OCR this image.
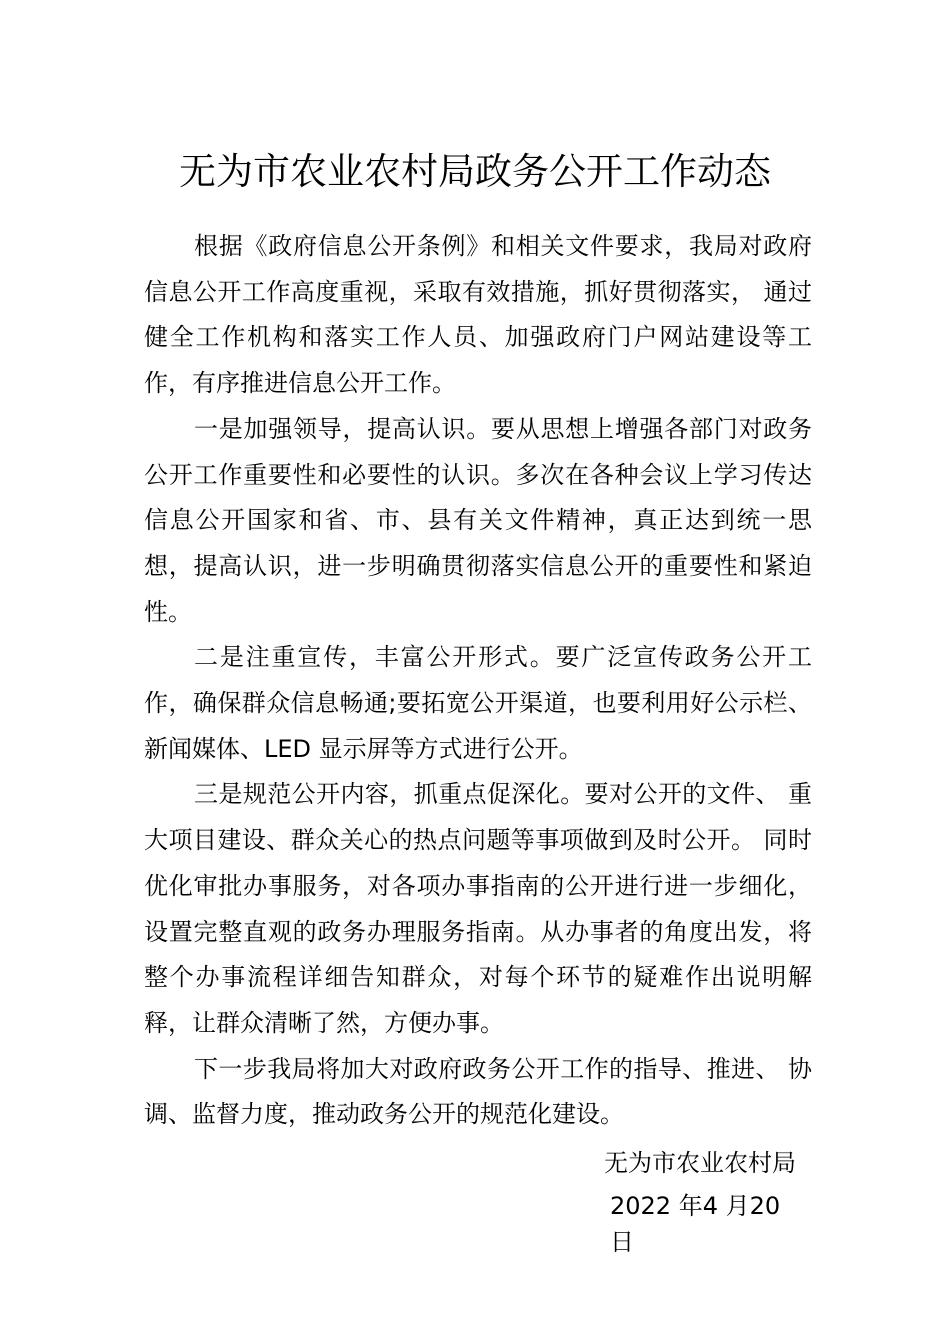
无为市农业农村局政务公开工作动态

根据《政府信息公开条例》和相关文件要求，我局对政府信息公开工作高度重视，采取有效措施，抓好贯彻落实， 通过健全工作机构和落实工作人员、加强政府门户网站建设等工作，有序推进信息公开工作。

一是加强领导，提高认识。要从思想上增强各部门对政务公开工作重要性和必要性的认识。多次在各种会议上学习传达信息公开国家和省、市、县有关文件精神，真正达到统一思想，提高认识，进一步明确贯彻落实信息公开的重要性和紧迫性。

二是注重宣传，丰富公开形式。要广泛宣传政务公开工作，确保群众信息畅通;要拓宽公开渠道，也要利用好公示栏、新闻媒体、LED 显示屏等方式进行公开。

三是规范公开内容，抓重点促深化。要对公开的文件、 重大项目建设、群众关心的热点问题等事项做到及时公开。 同时优化审批办事服务，对各项办事指南的公开进行进一步细化，设置完整直观的政务办理服务指南。从办事者的角度出发，将整个办事流程详细告知群众，对每个环节的疑难作出说明解释，让群众清晰了然，方便办事。

下一步我局将加大对政府政务公开工作的指导、推进、 协调、监督力度，推动政务公开的规范化建设。

无为市农业农村局
2022 年4 月20 日
